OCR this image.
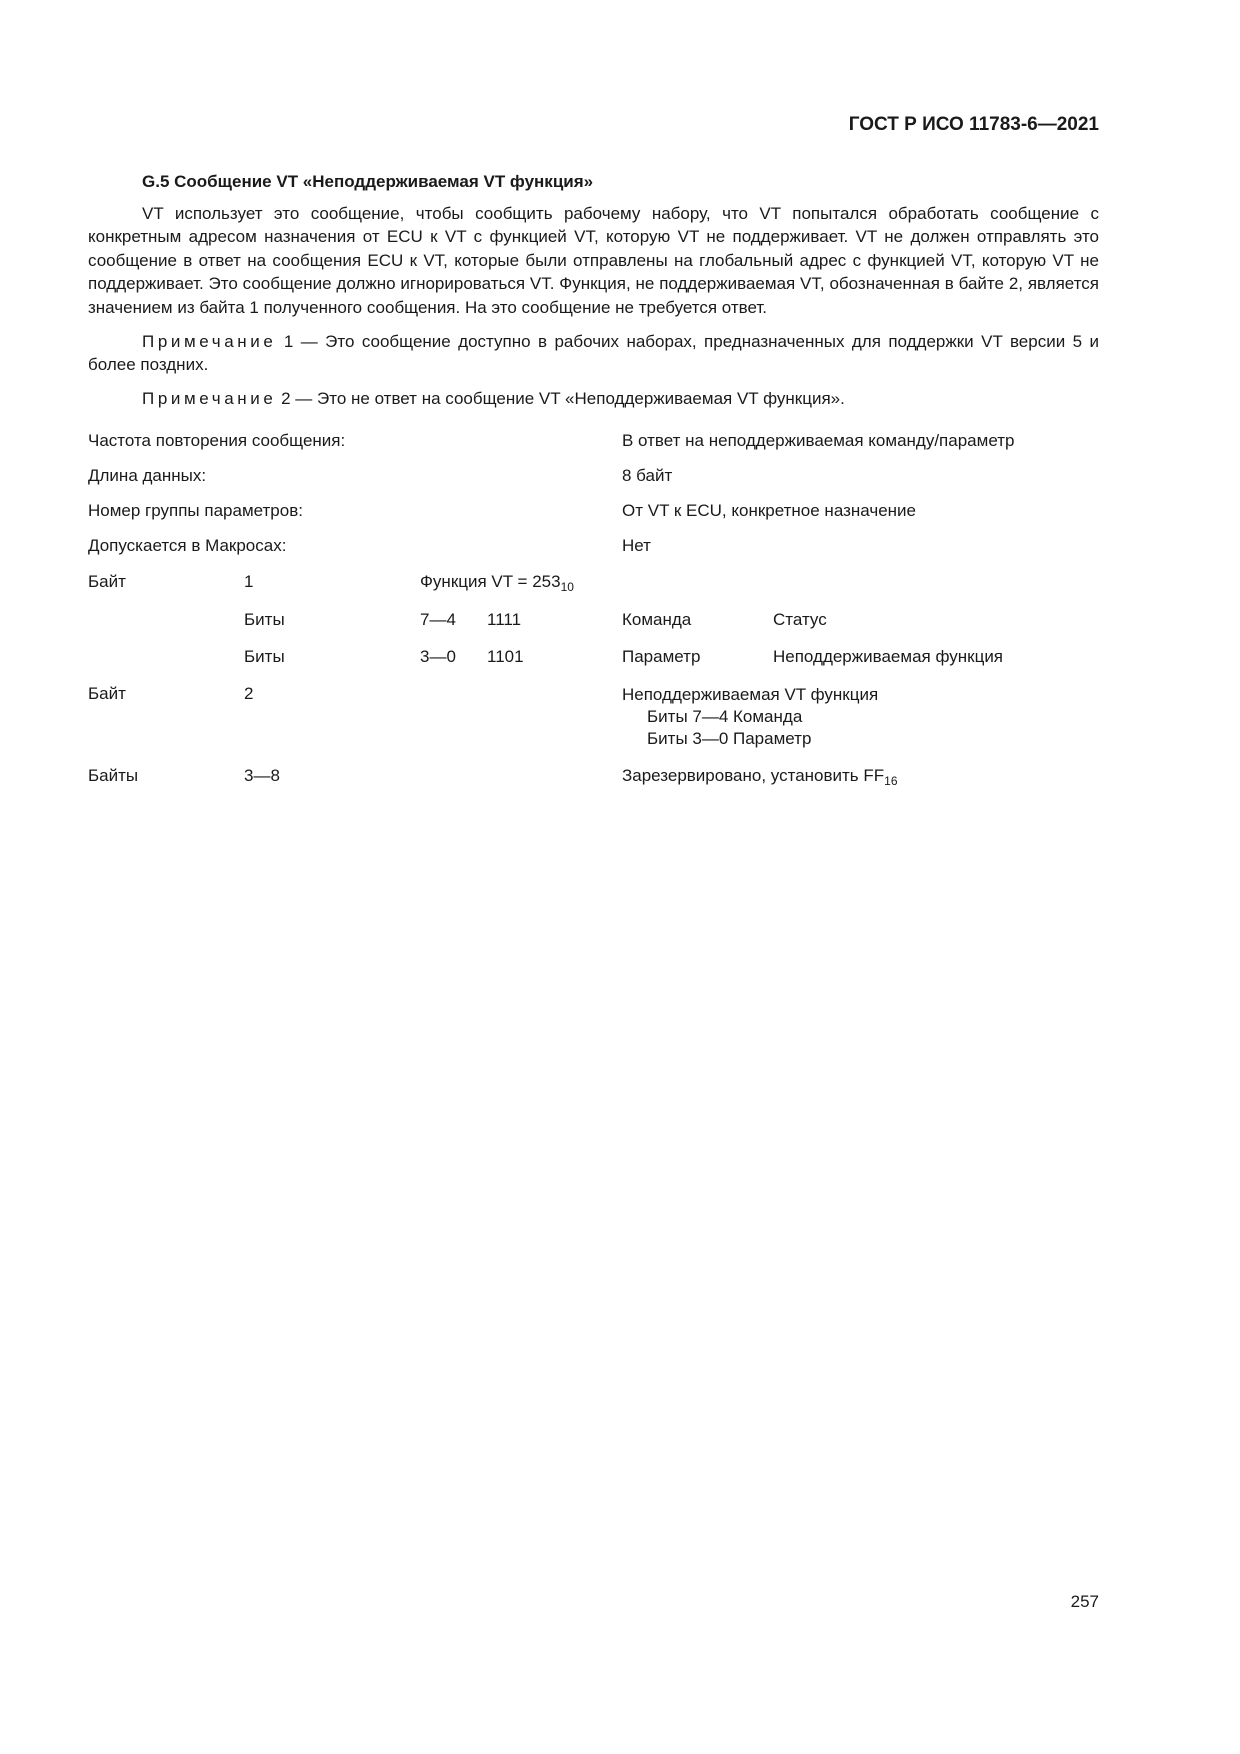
ГОСТ Р ИСО 11783-6—2021
G.5 Сообщение VT «Неподдерживаемая VT функция»
VT использует это сообщение, чтобы сообщить рабочему набору, что VT попытался обработать сообщение с конкретным адресом назначения от ECU к VT с функцией VT, которую VT не поддерживает. VT не должен отправлять это сообщение в ответ на сообщения ECU к VT, которые были отправлены на глобальный адрес с функцией VT, которую VT не поддерживает. Это сообщение должно игнорироваться VT. Функция, не поддерживаемая VT, обозначенная в байте 2, является значением из байта 1 полученного сообщения. На это сообщение не требуется ответ.
Примечание 1 — Это сообщение доступно в рабочих наборах, предназначенных для поддержки VT версии 5 и более поздних.
Примечание 2 — Это не ответ на сообщение VT «Неподдерживаемая VT функция».
Частота повторения сообщения:	В ответ на неподдерживаемая команду/параметр
Длина данных:	8 байт
Номер группы параметров:	От VT к ECU, конкретное назначение
Допускается в Макросах:	Нет
Байт	1	Функция VT = $253_{10}$
Биты	7—4 1111	Команда	Статус
Биты	3—0 1101	Параметр	Неподдерживаемая функция
Байт	2	Неподдерживаемая VT функция
Биты 7—4 Команда
Биты 3—0 Параметр
Байты	3—8	Зарезервировано, установить $FF_{16}$
257
